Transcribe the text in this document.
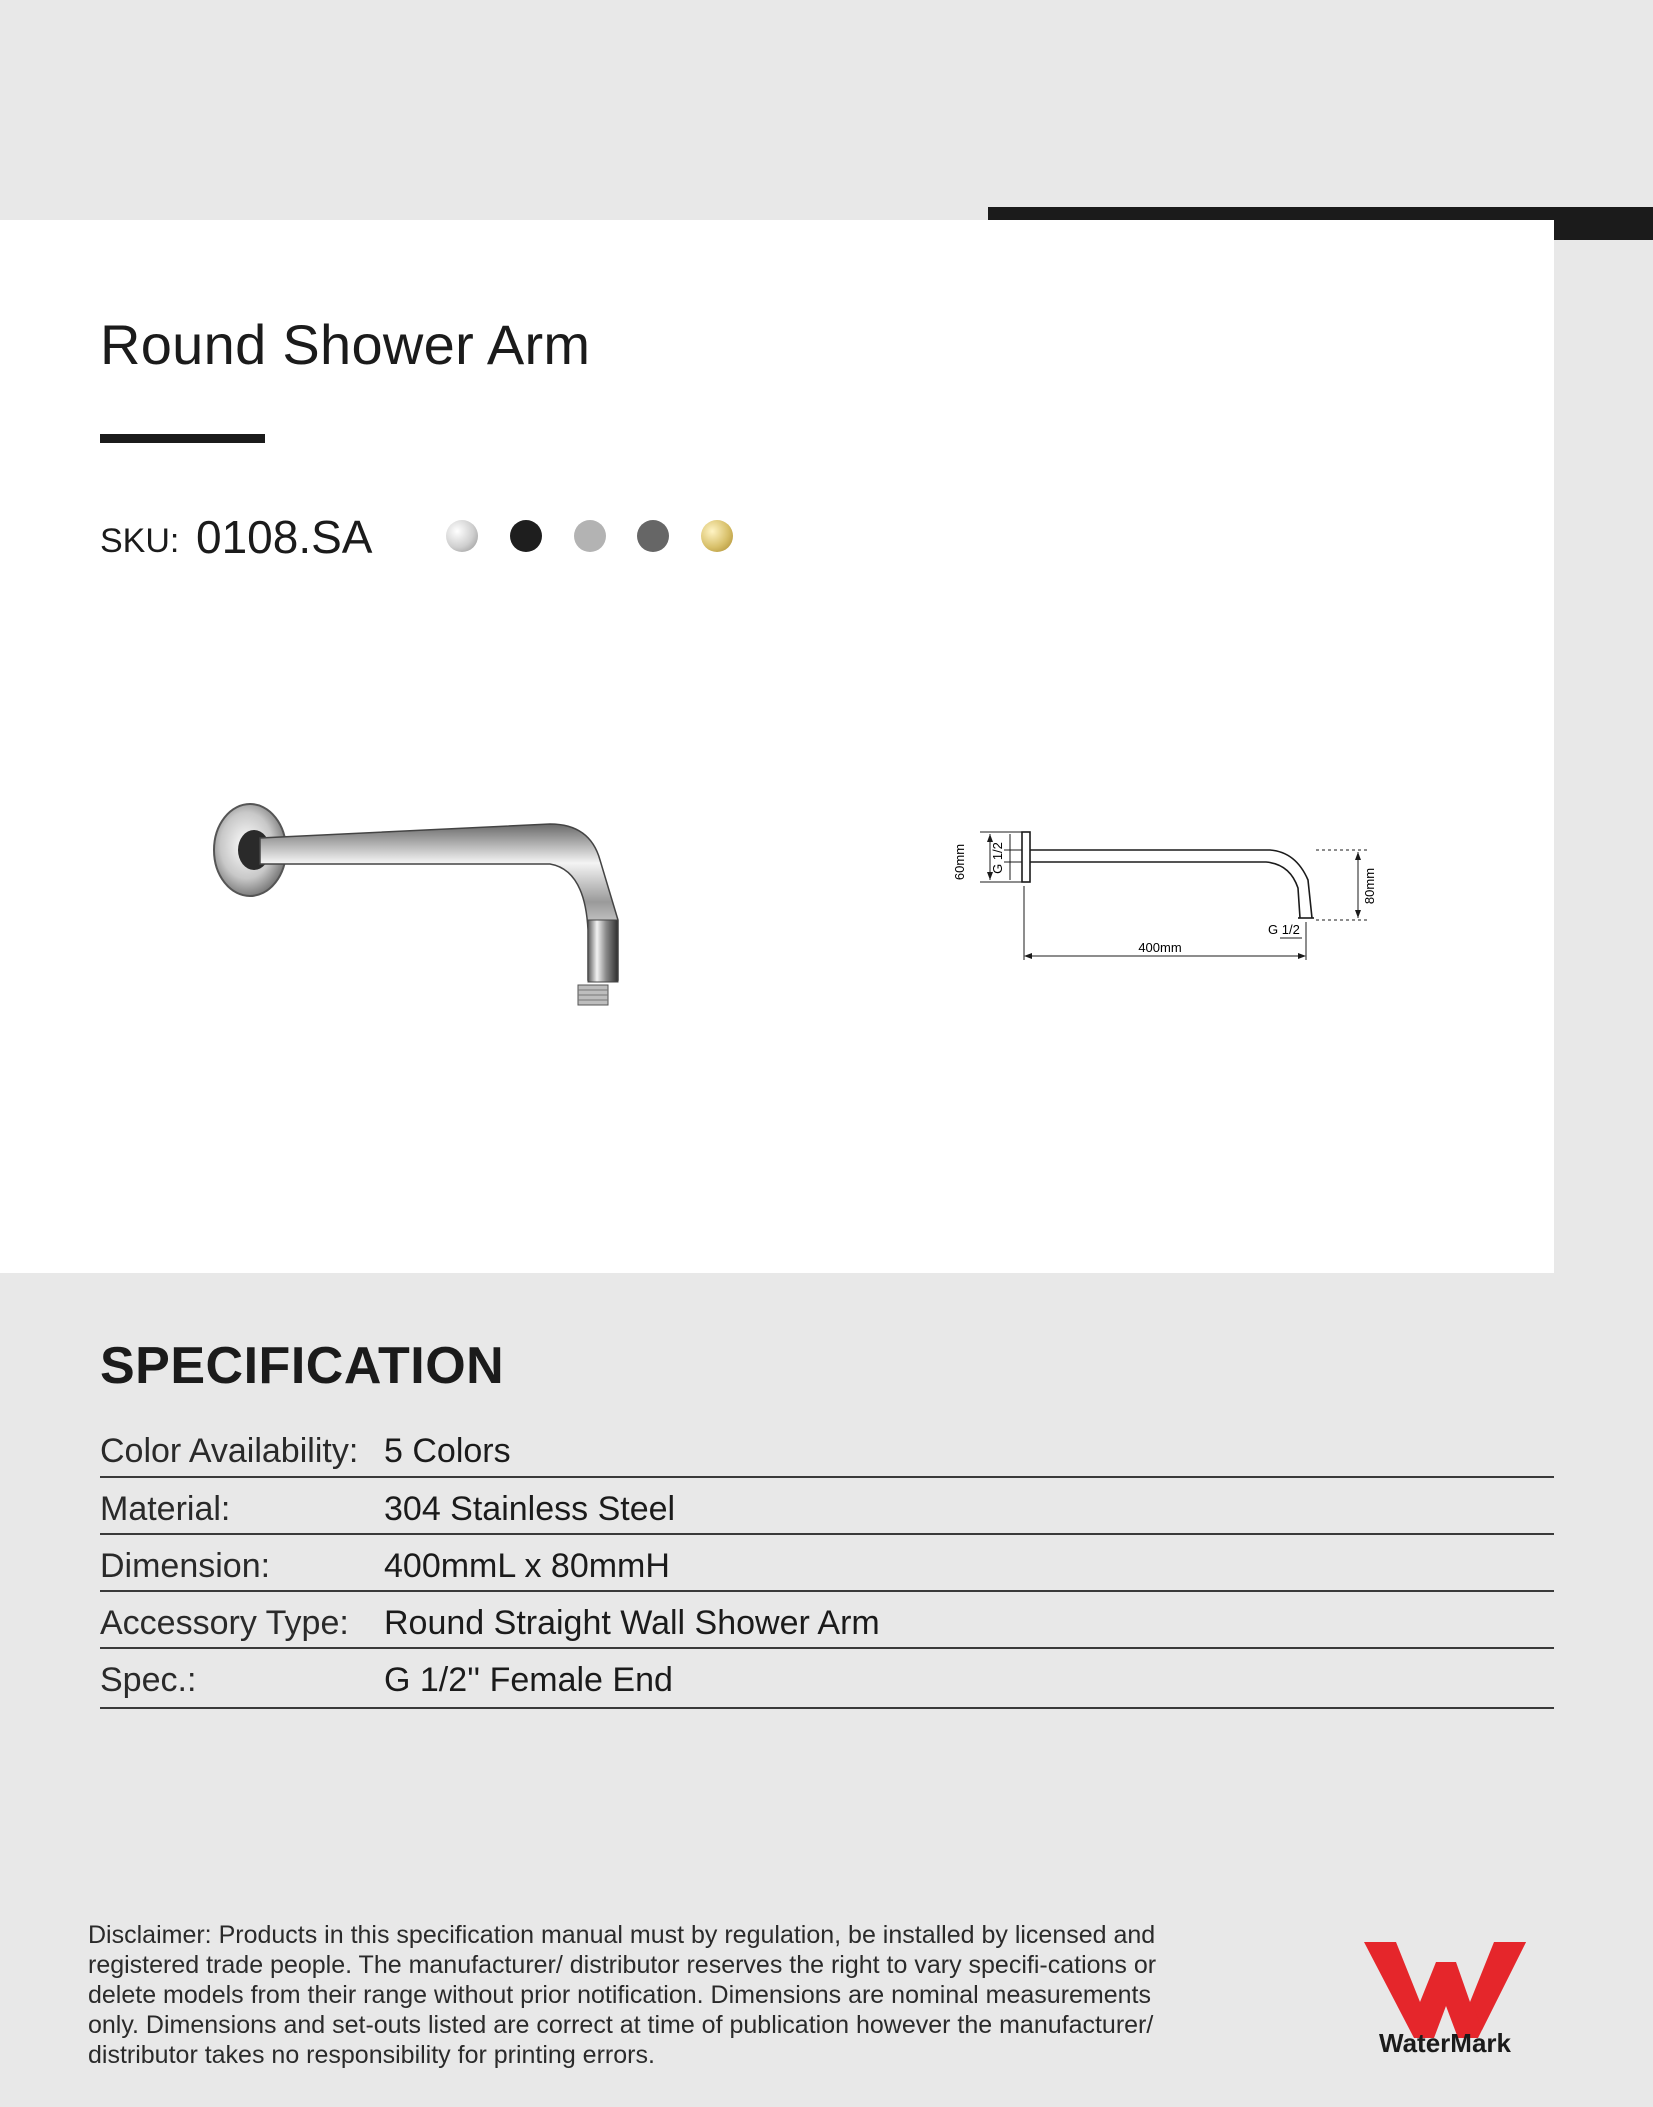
Round Shower Arm
SKU: 0108.SA
60mm G 1/2
G 1/2
400mm
80mm
SPECIFICATION
Color Availability: 5 Colors
Material:	304 Stainless Steel
Dimension:	400mmL x 80mmH
Accessory Type: Round Straight Wall Shower Arm
Spec.:	G 1/2'' Female End

Disclaimer: Products in this specification manual must by regulation, be installed by licensed and registered trade people. The manufacturer/ distributor reserves the right to vary specifi-cations or delete models from their range without prior notification. Dimensions are nominal measurements only. Dimensions and set-outs listed are correct at time of publication however the manufacturer/ distributor takes no responsibility for printing errors.	WaterMark
